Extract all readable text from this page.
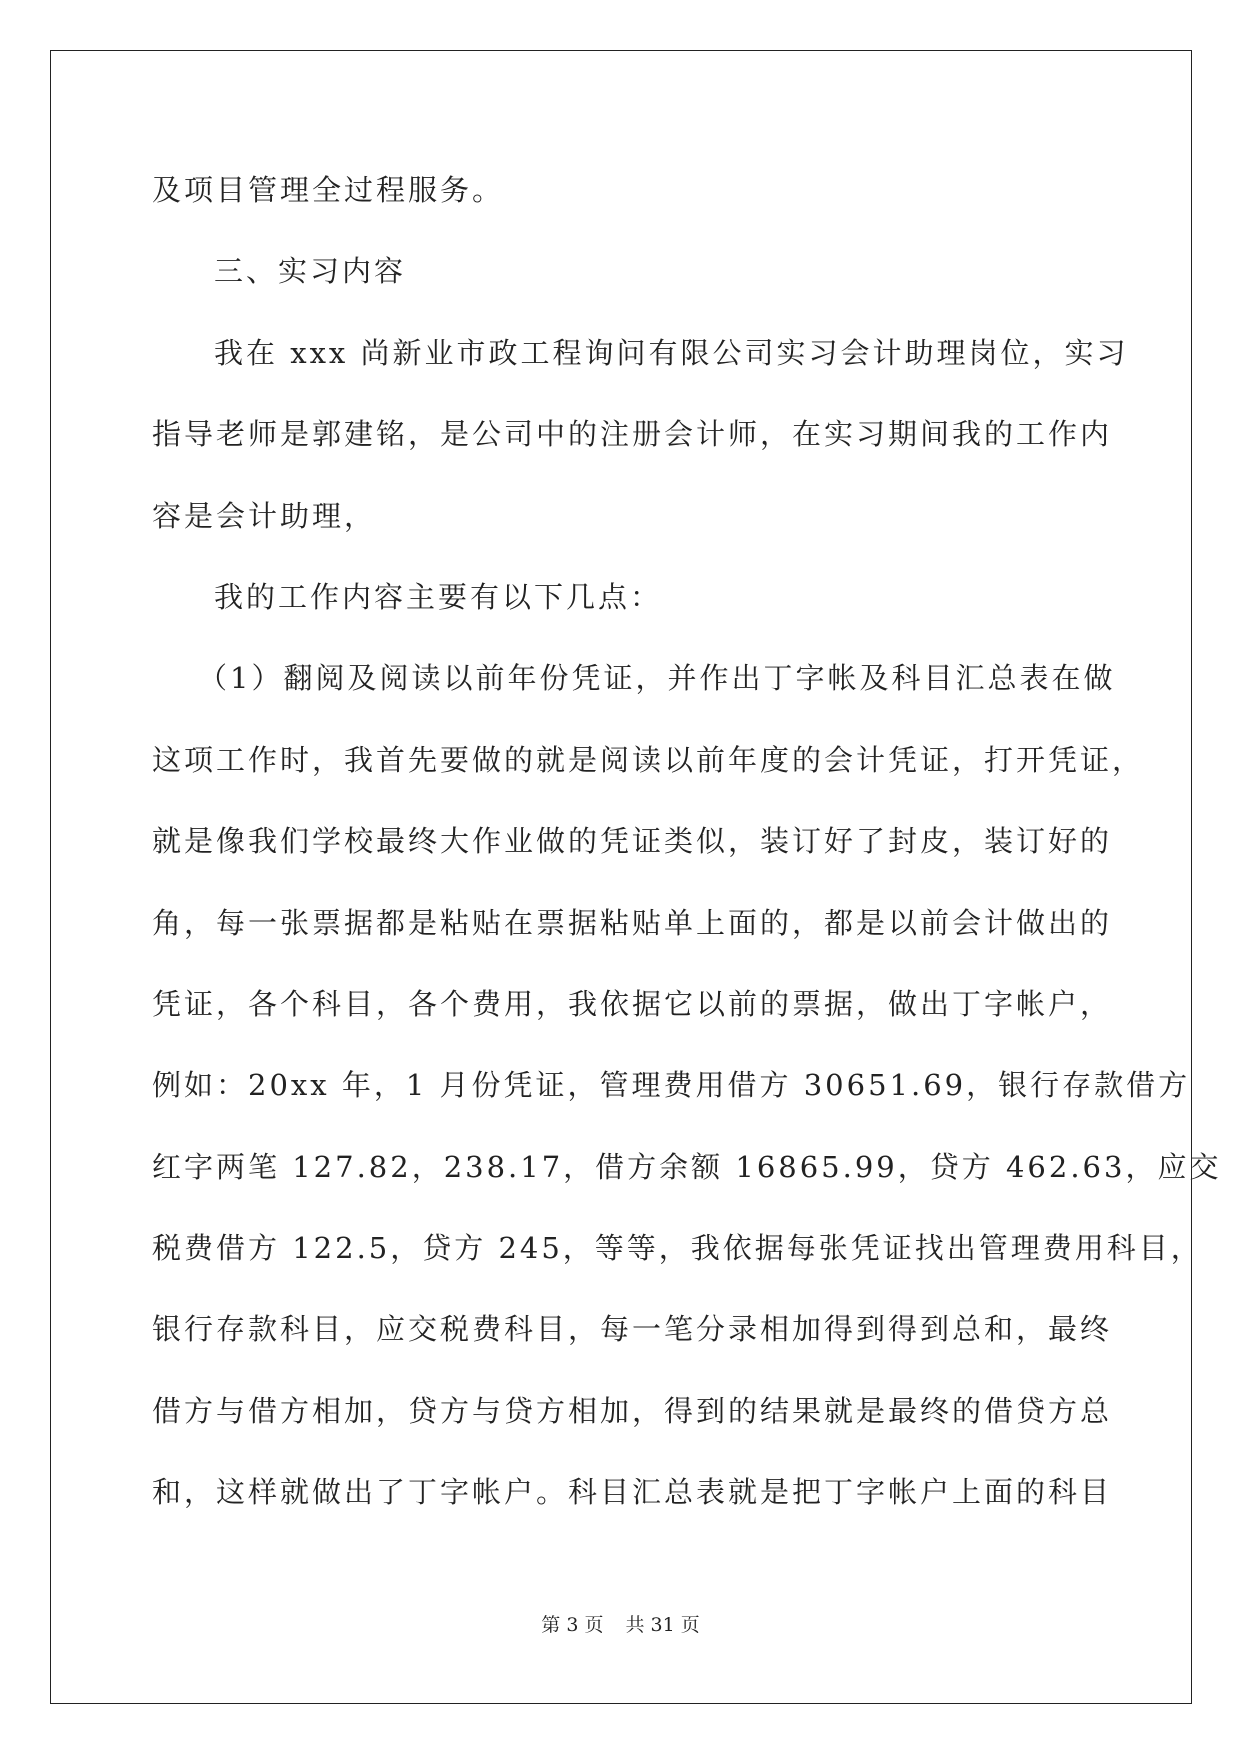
及项目管理全过程服务。
三、实习内容
我在 xxx 尚新业市政工程询问有限公司实习会计助理岗位，实习
指导老师是郭建铭，是公司中的注册会计师，在实习期间我的工作内
容是会计助理，
我的工作内容主要有以下几点：
（1）翻阅及阅读以前年份凭证，并作出丁字帐及科目汇总表在做
这项工作时，我首先要做的就是阅读以前年度的会计凭证，打开凭证，
就是像我们学校最终大作业做的凭证类似，装订好了封皮，装订好的
角，每一张票据都是粘贴在票据粘贴单上面的，都是以前会计做出的
凭证，各个科目，各个费用，我依据它以前的票据，做出丁字帐户，
例如：20xx 年，1 月份凭证，管理费用借方 30651.69，银行存款借方
红字两笔 127.82，238.17，借方余额 16865.99，贷方 462.63，应交
税费借方 122.5，贷方 245，等等，我依据每张凭证找出管理费用科目，
银行存款科目，应交税费科目，每一笔分录相加得到得到总和，最终
借方与借方相加，贷方与贷方相加，得到的结果就是最终的借贷方总
和，这样就做出了丁字帐户。科目汇总表就是把丁字帐户上面的科目
第 3 页 共 31 页
